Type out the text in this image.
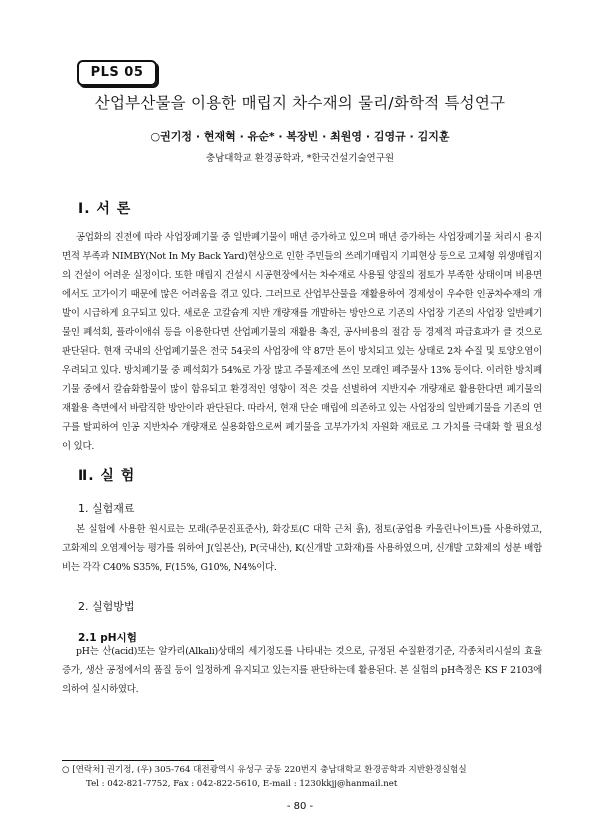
PLS 05
산업부산물을 이용한 매립지 차수재의 물리/화학적 특성연구
○권기정 · 현재혁 · 유순* · 복장빈 · 최원영 · 김영규 · 김지훈
충남대학교 환경공학과, *한국건설기술연구원
Ⅰ. 서 론

공업화의 진전에 따라 사업장폐기물 중 일반폐기물이 매년 증가하고 있으며 매년 증가하는 사업장폐기물 처리시 용지면적 부족과 NIMBY(Not In My Back Yard)현상으로 인한 주민들의 쓰레기매립지 기피현상 등으로 고체형 위생매립지의 건설이 어려운 실정이다. 또한 매립지 건설시 시공현장에서는 차수재로 사용될 양질의 점토가 부족한 상태이며 비용면에서도 고가이기 때문에 많은 어려움을 겪고 있다. 그러므로 산업부산물을 재활용하여 경제성이 우수한 인공차수재의 개발이 시급하게 요구되고 있다. 새로운 고칼슘계 지반 개량재를 개발하는 방안으로 기존의 사업장 기존의 사업장 일반폐기물인 폐석회, 플라이애쉬 등을 이용한다면 산업폐기물의 재활용 촉진, 공사비용의 절감 등 경제적 파급효과가 클 것으로 판단된다. 현재 국내의 산업폐기물은 전국 54곳의 사업장에 약 87만 톤이 방치되고 있는 상태로 2차 수질 및 토양오염이 우려되고 있다. 방치폐기물 중 폐석회가 54%로 가장 많고 주물제조에 쓰인 모래인 폐주물사 13% 등이다. 이러한 방치폐기물 중에서 칼슘화합물이 많이 함유되고 환경적인 영향이 적은 것을 선별하여 지반지수 개량재로 활용한다면 폐기물의 재활용 측면에서 바람직한 방안이라 판단된다. 따라서, 현재 단순 매립에 의존하고 있는 사업장의 일반폐기물을 기존의 연구를 탈피하여 인공 지반차수 개량재로 실용화함으로써 폐기물을 고부가가치 자원화 재료로 그 가치를 극대화 할 필요성이 있다.

Ⅱ. 실 험
1. 실험재료

본 실험에 사용한 원시료는 모래(주문진표준사), 화강토(C 대학 근처 흙), 점토(공업용 카올린나이트)를 사용하였고, 고화제의 오염제어능 평가를 위하여 J(일본산), P(국내산), K(신개발 고화재)를 사용하였으며, 신개발 고화제의 성분 배합비는 각각 C40% S35%, F(15%, G10%, N4%이다.

2. 실험방법
2.1 pH시험

pH는 산(acid)또는 알카리(Alkali)상태의 세기정도를 나타내는 것으로, 규정된 수질환경기준, 각종처리시설의 효율 증가, 생산 공정에서의 품질 등이 일정하게 유지되고 있는지를 판단하는데 활용된다. 본 실험의 pH측정은 KS F 2103에 의하여 실시하였다.

○ [연락처] 권기정, (우) 305-764 대전광역시 유성구 궁동 220번지 충남대학교 환경공학과 지반환경실험실
Tel : 042-821-7752, Fax : 042-822-5610, E-mail : 1230kkjj@hanmail.net
- 80 -
